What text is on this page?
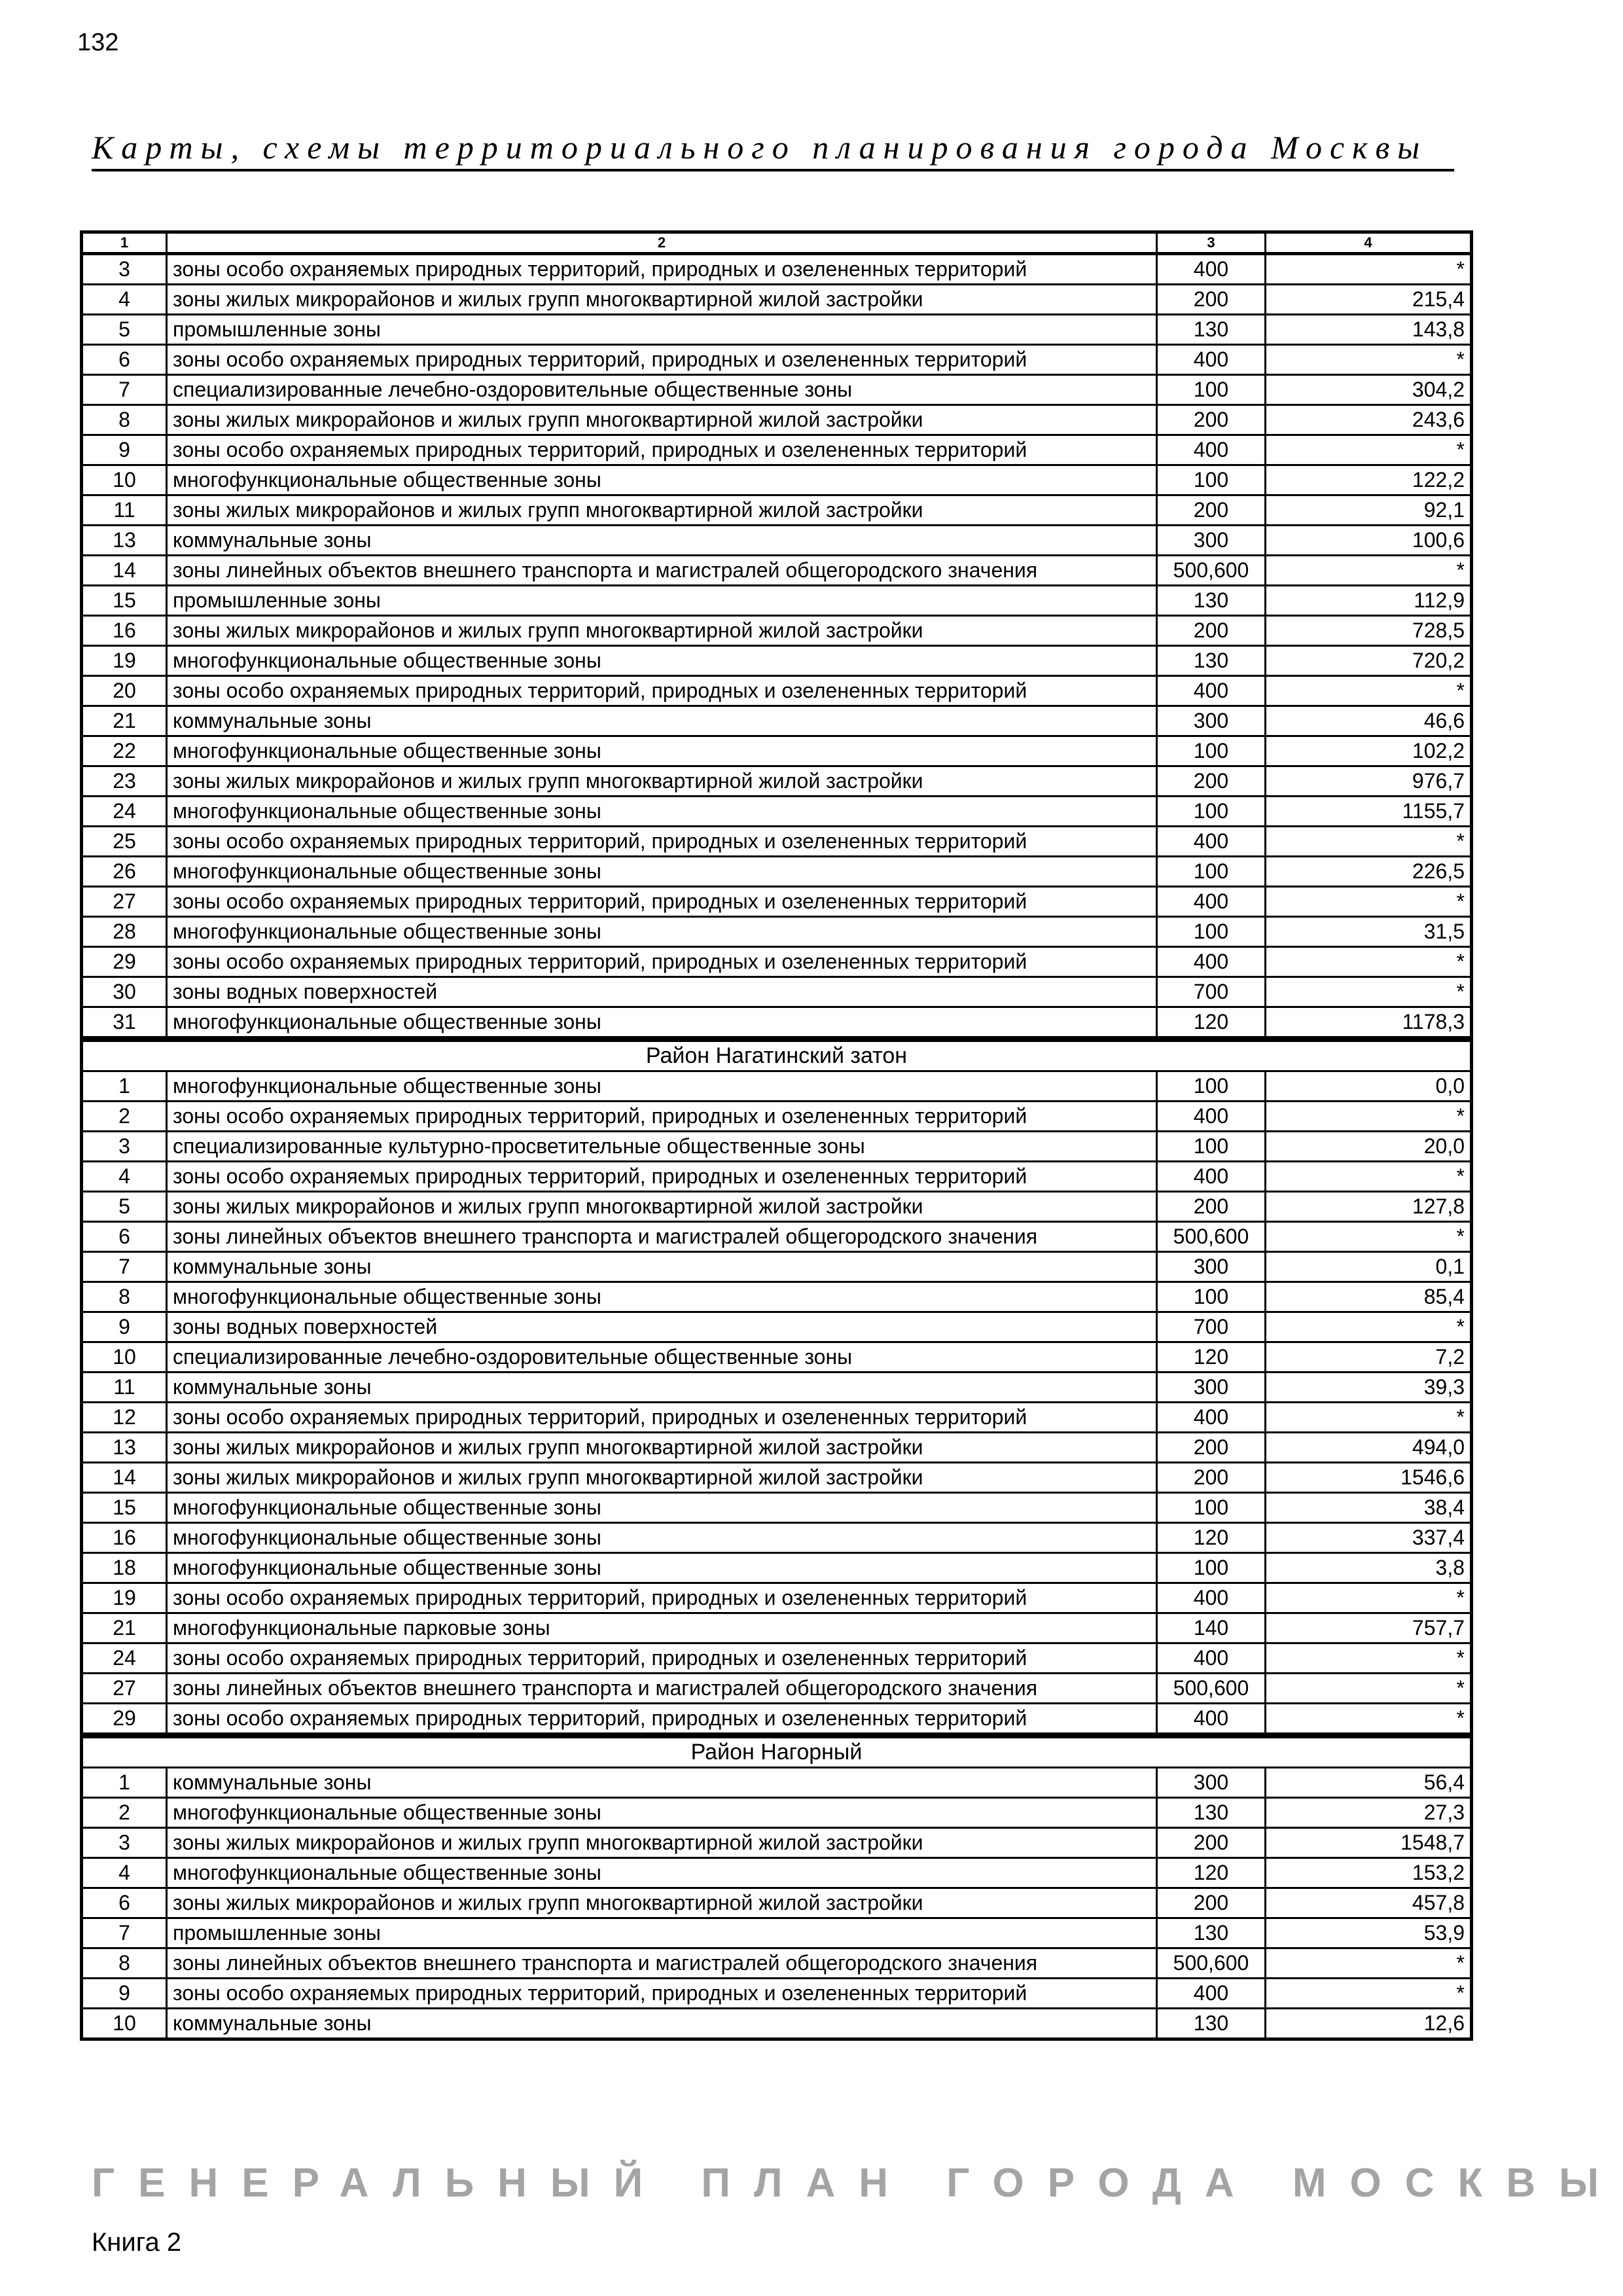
132
Карты, схемы территориального планирования города Москвы
1	2	3	4
3	зоны особо охраняемых природных территорий, природных и озелененных территорий	400	*
4	зоны жилых микрорайонов и жилых групп многоквартирной жилой застройки	200	215,4
5	промышленные зоны	130	143,8
6	зоны особо охраняемых природных территорий, природных и озелененных территорий	400	*
7	специализированные лечебно-оздоровительные общественные зоны	100	304,2
8	зоны жилых микрорайонов и жилых групп многоквартирной жилой застройки	200	243,6
9	зоны особо охраняемых природных территорий, природных и озелененных территорий	400	*
10	многофункциональные общественные зоны	100	122,2
11	зоны жилых микрорайонов и жилых групп многоквартирной жилой застройки	200	92,1
13	коммунальные зоны	300	100,6
14	зоны линейных объектов внешнего транспорта и магистралей общегородского значения	500,600	*
15	промышленные зоны	130	112,9
16	зоны жилых микрорайонов и жилых групп многоквартирной жилой застройки	200	728,5
19	многофункциональные общественные зоны	130	720,2
20	зоны особо охраняемых природных территорий, природных и озелененных территорий	400	*
21	коммунальные зоны	300	46,6
22	многофункциональные общественные зоны	100	102,2
23	зоны жилых микрорайонов и жилых групп многоквартирной жилой застройки	200	976,7
24	многофункциональные общественные зоны	100	1155,7
25	зоны особо охраняемых природных территорий, природных и озелененных территорий	400	*
26	многофункциональные общественные зоны	100	226,5
27	зоны особо охраняемых природных территорий, природных и озелененных территорий	400	*
28	многофункциональные общественные зоны	100	31,5
29	зоны особо охраняемых природных территорий, природных и озелененных территорий	400	*
30	зоны водных поверхностей	700	*
31	многофункциональные общественные зоны	120	1178,3
Район Нагатинский затон			
1	многофункциональные общественные зоны	100	0,0
2	зоны особо охраняемых природных территорий, природных и озелененных территорий	400	*
3	специализированные культурно-просветительные общественные зоны	100	20,0
4	зоны особо охраняемых природных территорий, природных и озелененных территорий	400	*
5	зоны жилых микрорайонов и жилых групп многоквартирной жилой застройки	200	127,8
6	зоны линейных объектов внешнего транспорта и магистралей общегородского значения	500,600	*
7	коммунальные зоны	300	0,1
8	многофункциональные общественные зоны	100	85,4
9	зоны водных поверхностей	700	*
10	специализированные лечебно-оздоровительные общественные зоны	120	7,2
11	коммунальные зоны	300	39,3
12	зоны особо охраняемых природных территорий, природных и озелененных территорий	400	*
13	зоны жилых микрорайонов и жилых групп многоквартирной жилой застройки	200	494,0
14	зоны жилых микрорайонов и жилых групп многоквартирной жилой застройки	200	1546,6
15	многофункциональные общественные зоны	100	38,4
16	многофункциональные общественные зоны	120	337,4
18	многофункциональные общественные зоны	100	3,8
19	зоны особо охраняемых природных территорий, природных и озелененных территорий	400	*
21	многофункциональные парковые зоны	140	757,7
24	зоны особо охраняемых природных территорий, природных и озелененных территорий	400	*
27	зоны линейных объектов внешнего транспорта и магистралей общегородского значения	500,600	*
29	зоны особо охраняемых природных территорий, природных и озелененных территорий	400	*
Район Нагорный			
1	коммунальные зоны	300	56,4
2	многофункциональные общественные зоны	130	27,3
3	зоны жилых микрорайонов и жилых групп многоквартирной жилой застройки	200	1548,7
4	многофункциональные общественные зоны	120	153,2
6	зоны жилых микрорайонов и жилых групп многоквартирной жилой застройки	200	457,8
7	промышленные зоны	130	53,9
8	зоны линейных объектов внешнего транспорта и магистралей общегородского значения	500,600	*
9	зоны особо охраняемых природных территорий, природных и озелененных территорий	400	*
10	коммунальные зоны	130	12,6
ГЕНЕРАЛЬНЫЙ ПЛАН ГОРОДА МОСКВЫ
Книга 2
